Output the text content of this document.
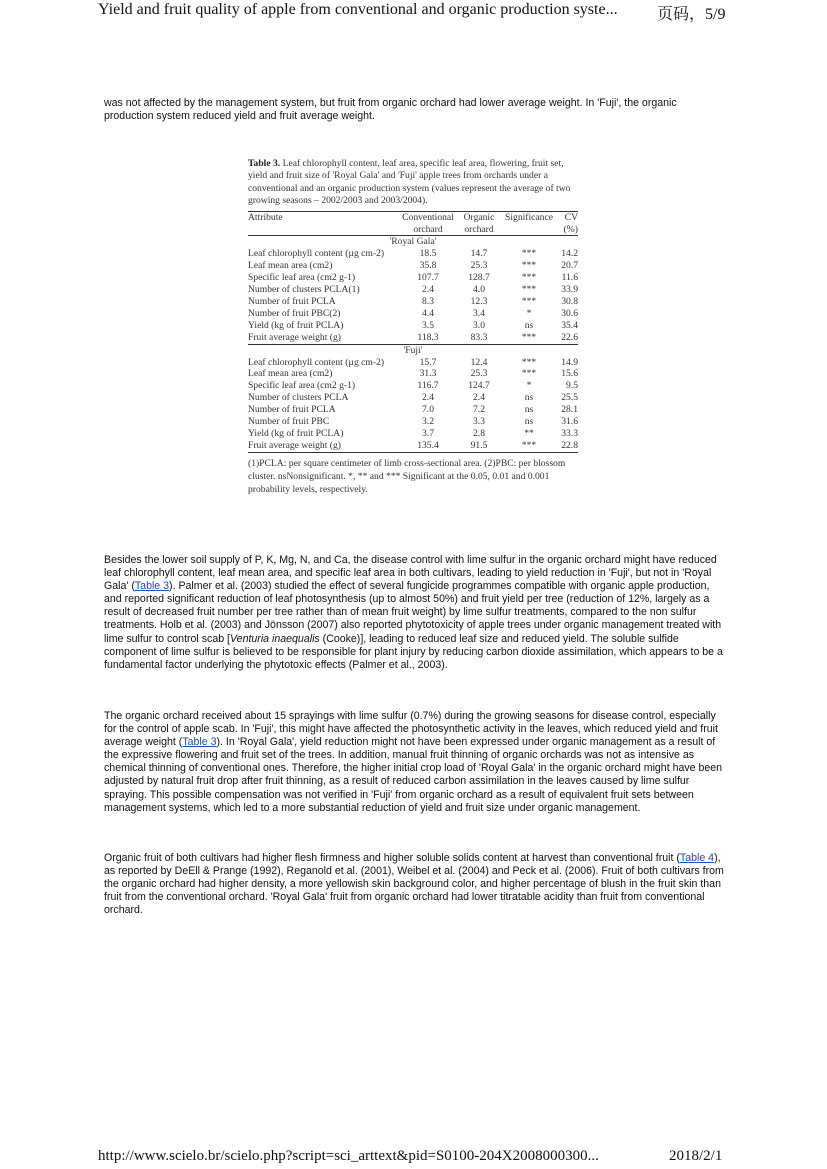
Yield and fruit quality of apple from conventional and organic production syste... 页码，5/9

was not affected by the management system, but fruit from organic orchard had lower average weight. In 'Fuji', the organic production system reduced yield and fruit average weight.

Table 3. Leaf chlorophyll content, leaf area, specific leaf area, flowering, fruit set, yield and fruit size of 'Royal Gala' and 'Fuji' apple trees from orchards under a conventional and an organic production system (values represent the average of two growing seasons – 2002/2003 and 2003/2004).
Attribute	Conventional	Organic	Significance	CV
	orchard	orchard		(%)
'Royal Gala'				
Leaf chlorophyll content (µg cm-2)	18.5	14.7	***	14.2
Leaf mean area (cm2)	35.8	25.3	***	20.7
Specific leaf area (cm2 g-1)	107.7	128.7	***	11.6
Number of clusters PCLA(1)	2.4	4.0	***	33.9
Number of fruit PCLA	8.3	12.3	***	30.8
Number of fruit PBC(2)	4.4	3.4	*	30.6
Yield (kg of fruit PCLA)	3.5	3.0	ns	35.4
Fruit average weight (g)	118.3	83.3	***	22.6
'Fuji'				
Leaf chlorophyll content (µg cm-2)	15.7	12.4	***	14.9
Leaf mean area (cm2)	31.3	25.3	***	15.6
Specific leaf area (cm2 g-1)	116.7	124.7	*	9.5
Number of clusters PCLA	2.4	2.4	ns	25.5
Number of fruit PCLA	7.0	7.2	ns	28.1
Number of fruit PBC	3.2	3.3	ns	31.6
Yield (kg of fruit PCLA)	3.7	2.8	**	33.3
Fruit average weight (g)	135.4	91.5	***	22.8
(1)PCLA: per square centimeter of limb cross-sectional area. (2)PBC: per blossom cluster. nsNonsignificant. *, ** and *** Significant at the 0.05, 0.01 and 0.001 probability levels, respectively.

Besides the lower soil supply of P, K, Mg, N, and Ca, the disease control with lime sulfur in the organic orchard might have reduced leaf chlorophyll content, leaf mean area, and specific leaf area in both cultivars, leading to yield reduction in 'Fuji', but not in 'Royal Gala' (Table 3). Palmer et al. (2003) studied the effect of several fungicide programmes compatible with organic apple production, and reported significant reduction of leaf photosynthesis (up to almost 50%) and fruit yield per tree (reduction of 12%, largely as a result of decreased fruit number per tree rather than of mean fruit weight) by lime sulfur treatments, compared to the non sulfur treatments. Holb et al. (2003) and Jönsson (2007) also reported phytotoxicity of apple trees under organic management treated with lime sulfur to control scab [Venturia inaequalis (Cooke)], leading to reduced leaf size and reduced yield. The soluble sulfide component of lime sulfur is believed to be responsible for plant injury by reducing carbon dioxide assimilation, which appears to be a fundamental factor underlying the phytotoxic effects (Palmer et al., 2003).

The organic orchard received about 15 sprayings with lime sulfur (0.7%) during the growing seasons for disease control, especially for the control of apple scab. In 'Fuji', this might have affected the photosynthetic activity in the leaves, which reduced yield and fruit average weight (Table 3). In 'Royal Gala', yield reduction might not have been expressed under organic management as a result of the expressive flowering and fruit set of the trees. In addition, manual fruit thinning of organic orchards was not as intensive as chemical thinning of conventional ones. Therefore, the higher initial crop load of 'Royal Gala' in the organic orchard might have been adjusted by natural fruit drop after fruit thinning, as a result of reduced carbon assimilation in the leaves caused by lime sulfur spraying. This possible compensation was not verified in 'Fuji' from organic orchard as a result of equivalent fruit sets between management systems, which led to a more substantial reduction of yield and fruit size under organic management.

Organic fruit of both cultivars had higher flesh firmness and higher soluble solids content at harvest than conventional fruit (Table 4), as reported by DeEll & Prange (1992), Reganold et al. (2001), Weibel et al. (2004) and Peck et al. (2006). Fruit of both cultivars from the organic orchard had higher density, a more yellowish skin background color, and higher percentage of blush in the fruit skin than fruit from the conventional orchard. 'Royal Gala' fruit from organic orchard had lower titratable acidity than fruit from conventional orchard.

http://www.scielo.br/scielo.php?script=sci_arttext&pid=S0100-204X2008000300...	2018/2/1
